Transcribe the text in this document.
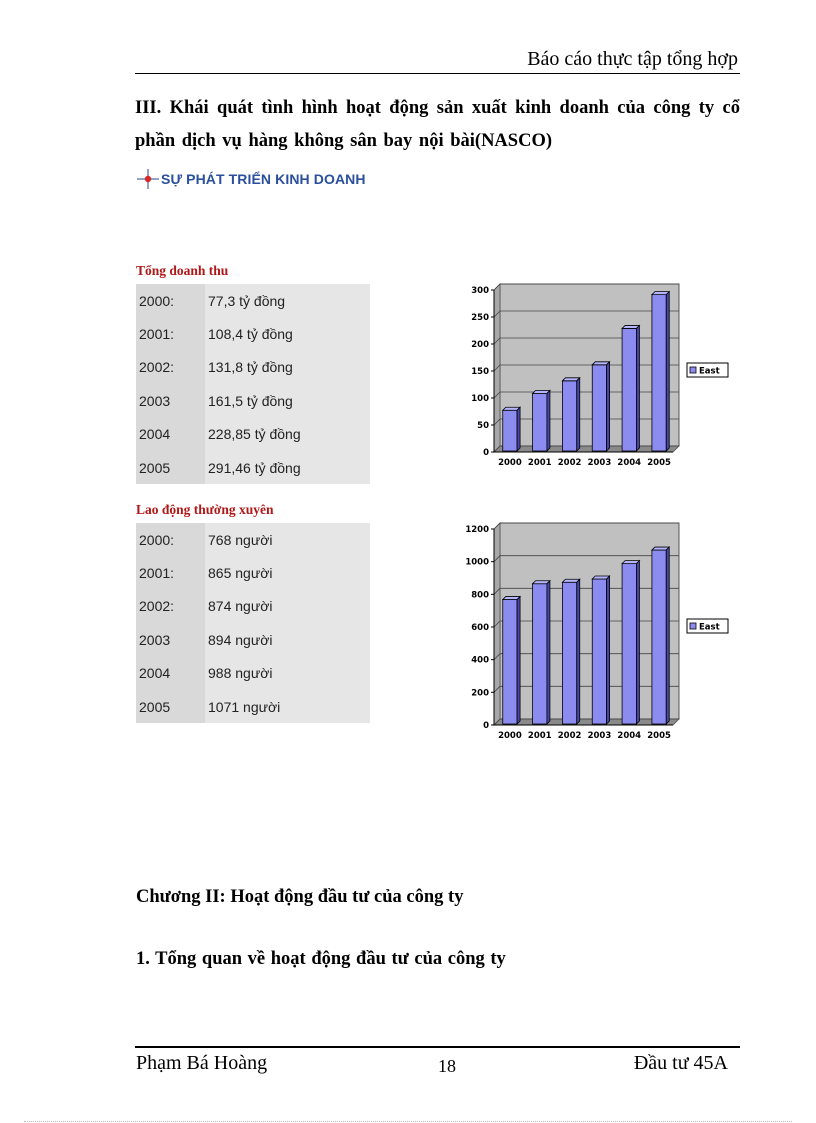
Báo cáo thực tập tổng hợp
III. Khái quát tình hình hoạt động sản xuất kinh doanh của công ty cổ phần dịch vụ hàng không sân bay nội bài(NASCO)
SỰ PHÁT TRIỂN KINH DOANH
Tổng doanh thu
2000:	77,3 tỷ đồng
2001:	108,4 tỷ đồng
2002:	131,8 tỷ đồng
2003	161,5 tỷ đồng
2004	228,85 tỷ đồng
2005	291,46 tỷ đồng
0
50
100
150
200
250
300
2000 2001 2002 2003 2004 2005
East
Lao động thường xuyên
2000:	768 người
2001:	865 người
2002:	874 người
2003	894 người
2004	988 người
2005	1071 người
0
200
400
600
800
1000
1200
2000 2001 2002 2003 2004 2005
East
Chương II: Hoạt động đầu tư của công ty
1. Tổng quan về hoạt động đầu tư của công ty
Phạm Bá Hoàng	18	Đầu tư 45A
